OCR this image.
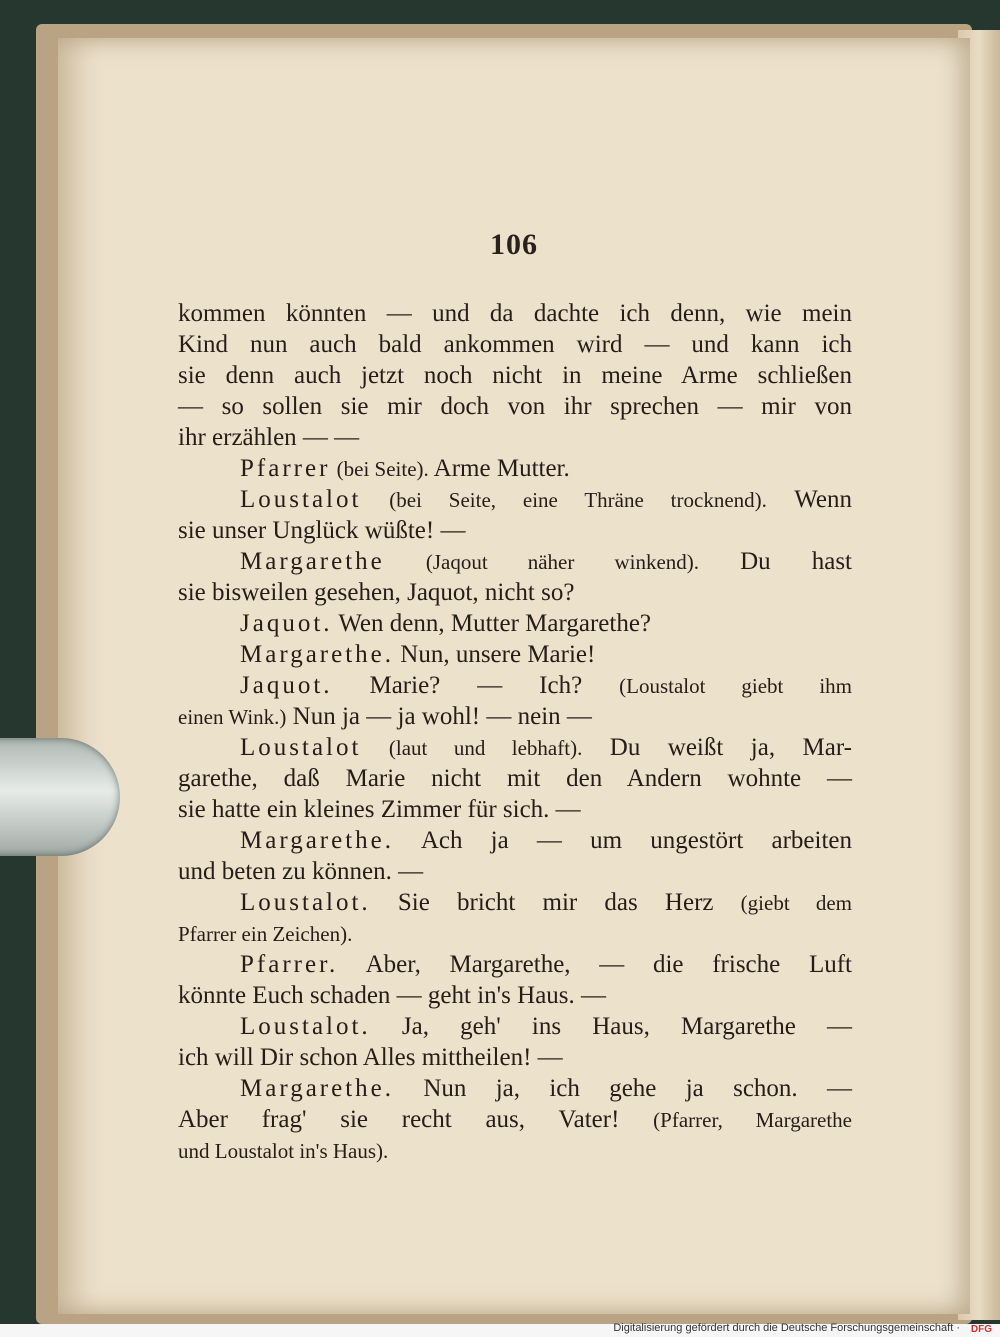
106
kommen könnten — und da dachte ich denn, wie mein
Kind nun auch bald ankommen wird — und kann ich
sie denn auch jetzt noch nicht in meine Arme schließen
— so sollen sie mir doch von ihr sprechen — mir von
ihr erzählen — —
Pfarrer (bei Seite). Arme Mutter.
Loustalot (bei Seite, eine Thräne trocknend). Wenn
sie unser Unglück wüßte! —
Margarethe (Jaqout näher winkend). Du hast
sie bisweilen gesehen, Jaquot, nicht so?
Jaquot. Wen denn, Mutter Margarethe?
Margarethe. Nun, unsere Marie!
Jaquot. Marie? — Ich? (Loustalot giebt ihm
einen Wink.) Nun ja — ja wohl! — nein —
Loustalot (laut und lebhaft). Du weißt ja, Mar-
garethe, daß Marie nicht mit den Andern wohnte —
sie hatte ein kleines Zimmer für sich. —
Margarethe. Ach ja — um ungestört arbeiten
und beten zu können. —
Loustalot. Sie bricht mir das Herz (giebt dem
Pfarrer ein Zeichen).
Pfarrer. Aber, Margarethe, — die frische Luft
könnte Euch schaden — geht in's Haus. —
Loustalot. Ja, geh' ins Haus, Margarethe —
ich will Dir schon Alles mittheilen! —
Margarethe. Nun ja, ich gehe ja schon. —
Aber frag' sie recht aus, Vater! (Pfarrer, Margarethe
und Loustalot in's Haus).
Digitalisierung gefördert durch die Deutsche Forschungsgemeinschaft · DFG
